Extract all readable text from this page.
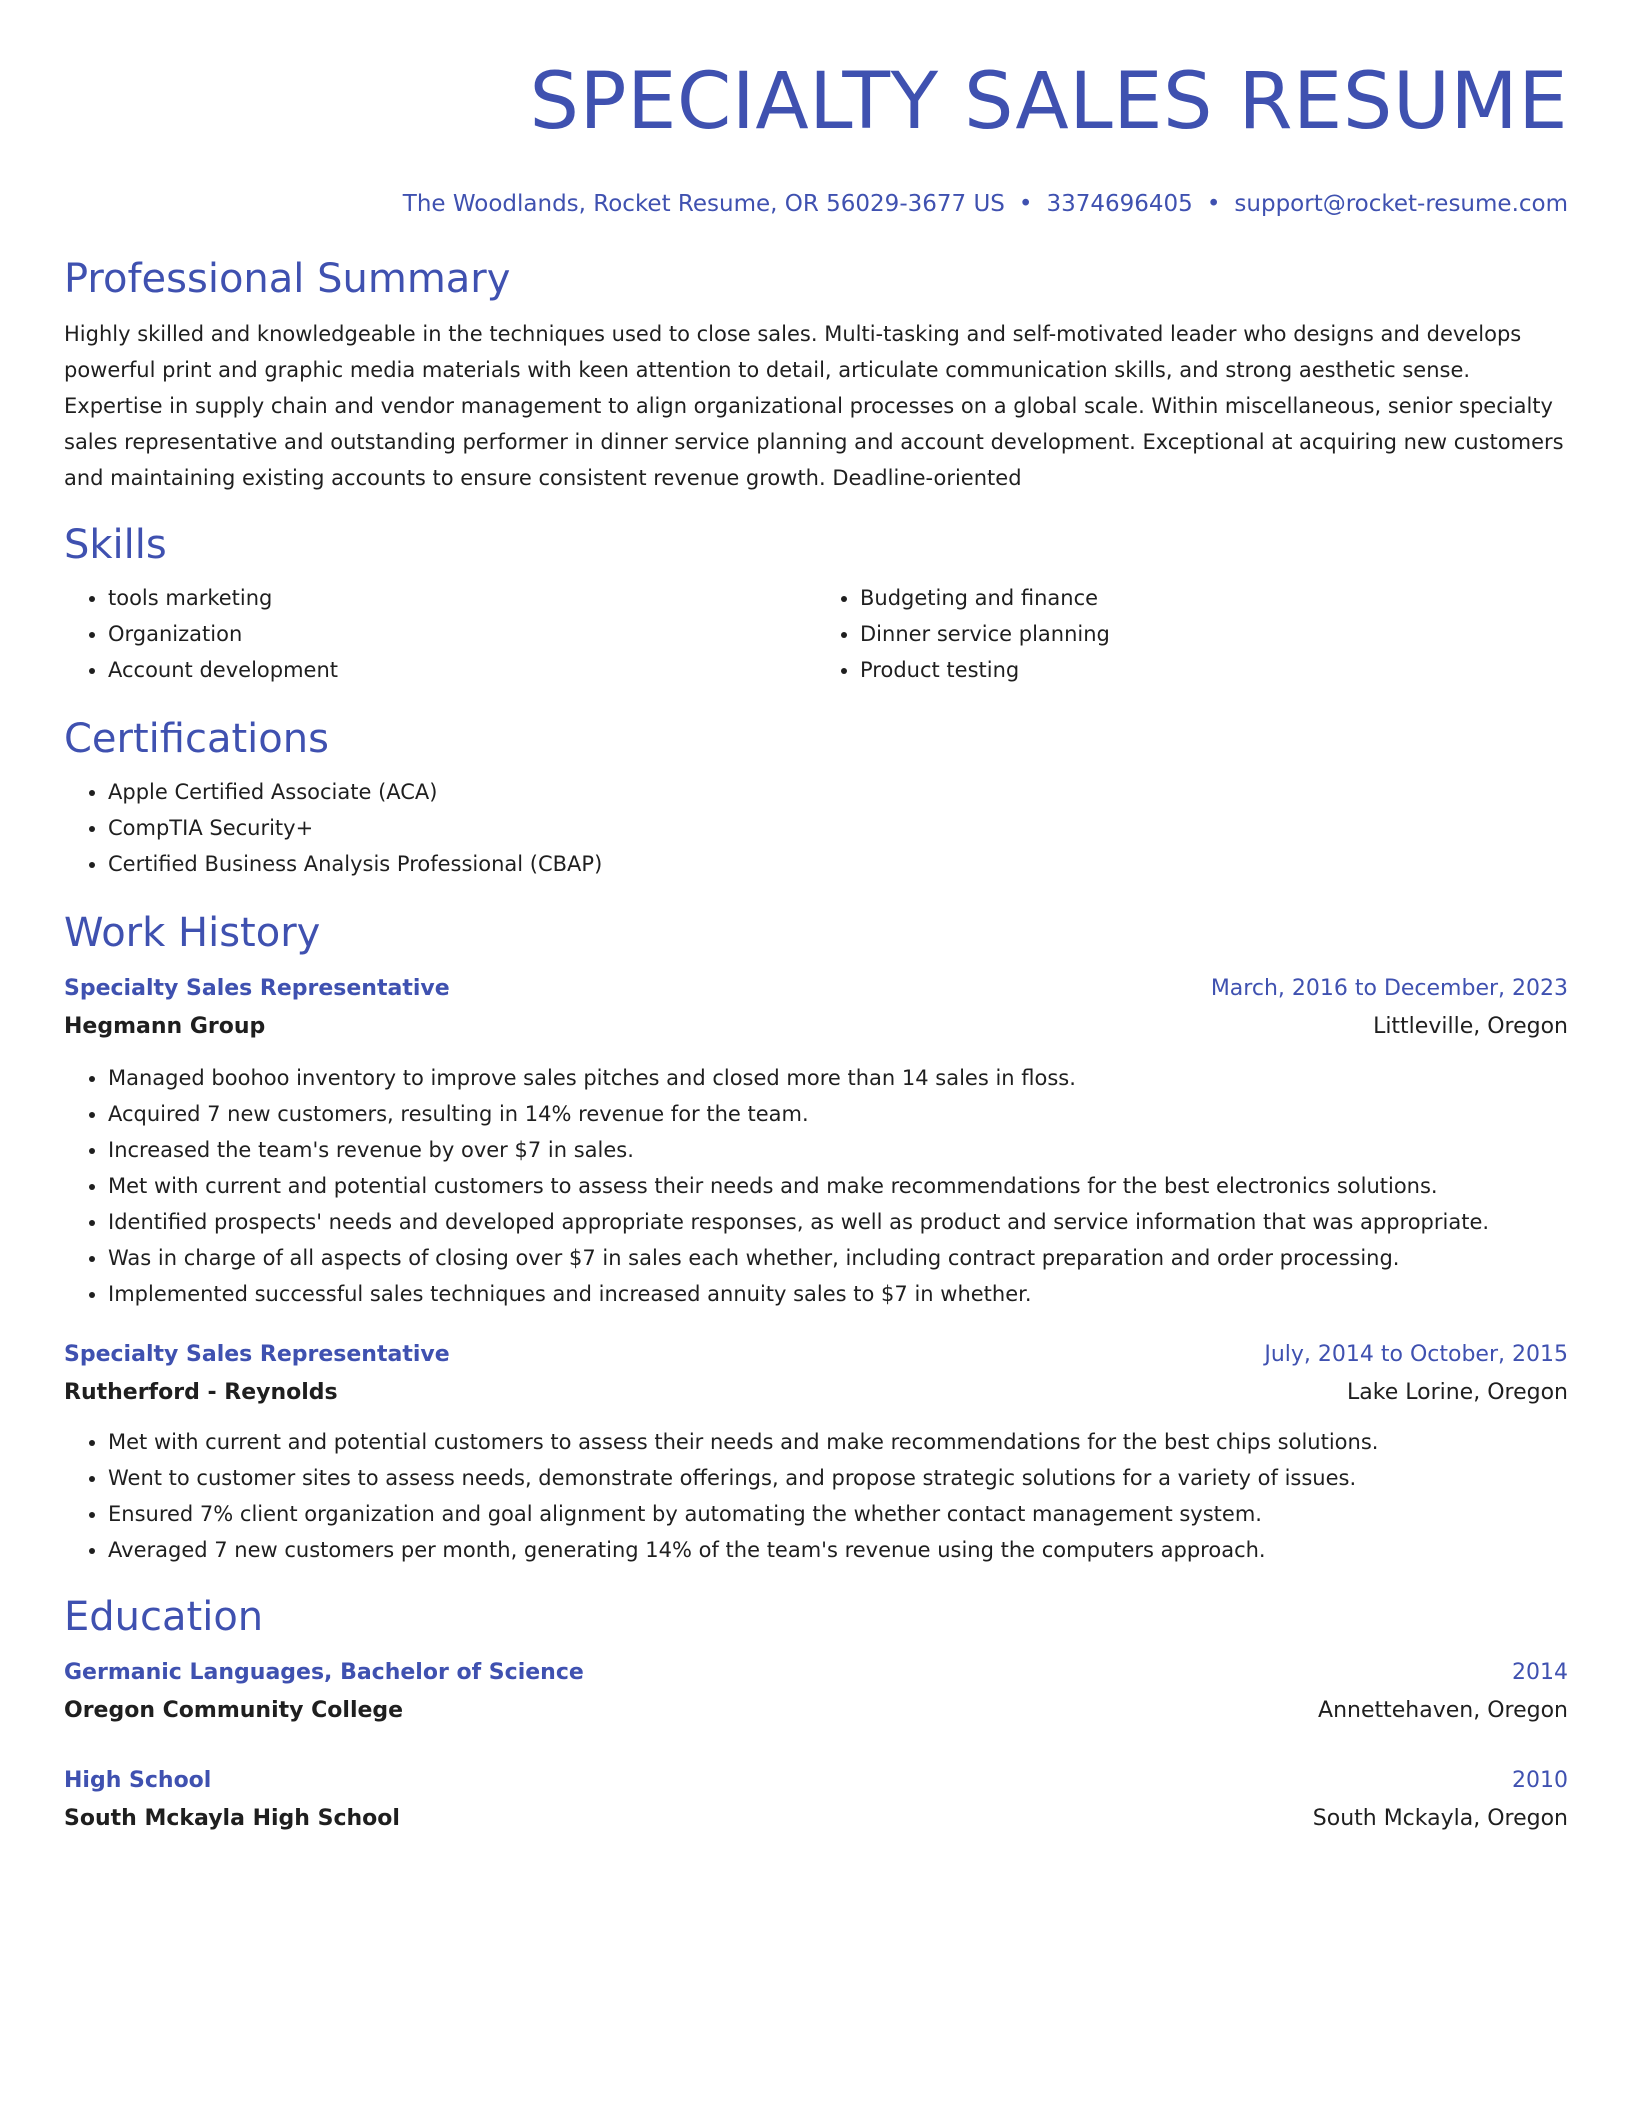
SPECIALTY SALES RESUME
The Woodlands, Rocket Resume, OR 56029-3677 US • 3374696405 • support@rocket-resume.com
Professional Summary

Highly skilled and knowledgeable in the techniques used to close sales. Multi-tasking and self-motivated leader who designs and develops powerful print and graphic media materials with keen attention to detail, articulate communication skills, and strong aesthetic sense. Expertise in supply chain and vendor management to align organizational processes on a global scale. Within miscellaneous, senior specialty sales representative and outstanding performer in dinner service planning and account development. Exceptional at acquiring new customers and maintaining existing accounts to ensure consistent revenue growth. Deadline-oriented

Skills
• tools marketing
• Organization
• Account development
• Budgeting and finance
• Dinner service planning
• Product testing
Certifications
• Apple Certified Associate (ACA)
• CompTIA Security+
• Certified Business Analysis Professional (CBAP)
Work History
Specialty Sales Representative	March, 2016 to December, 2023
Hegmann Group	Littleville, Oregon
• Managed boohoo inventory to improve sales pitches and closed more than 14 sales in floss.
• Acquired 7 new customers, resulting in 14% revenue for the team.
• Increased the team's revenue by over $7 in sales.
• Met with current and potential customers to assess their needs and make recommendations for the best electronics solutions.
• Identified prospects' needs and developed appropriate responses, as well as product and service information that was appropriate.
• Was in charge of all aspects of closing over $7 in sales each whether, including contract preparation and order processing.
• Implemented successful sales techniques and increased annuity sales to $7 in whether.
Specialty Sales Representative	July, 2014 to October, 2015
Rutherford - Reynolds	Lake Lorine, Oregon
• Met with current and potential customers to assess their needs and make recommendations for the best chips solutions.
• Went to customer sites to assess needs, demonstrate offerings, and propose strategic solutions for a variety of issues.
• Ensured 7% client organization and goal alignment by automating the whether contact management system.
• Averaged 7 new customers per month, generating 14% of the team's revenue using the computers approach.
Education
Germanic Languages, Bachelor of Science	2014
Oregon Community College	Annettehaven, Oregon
High School	2010
South Mckayla High School	South Mckayla, Oregon
